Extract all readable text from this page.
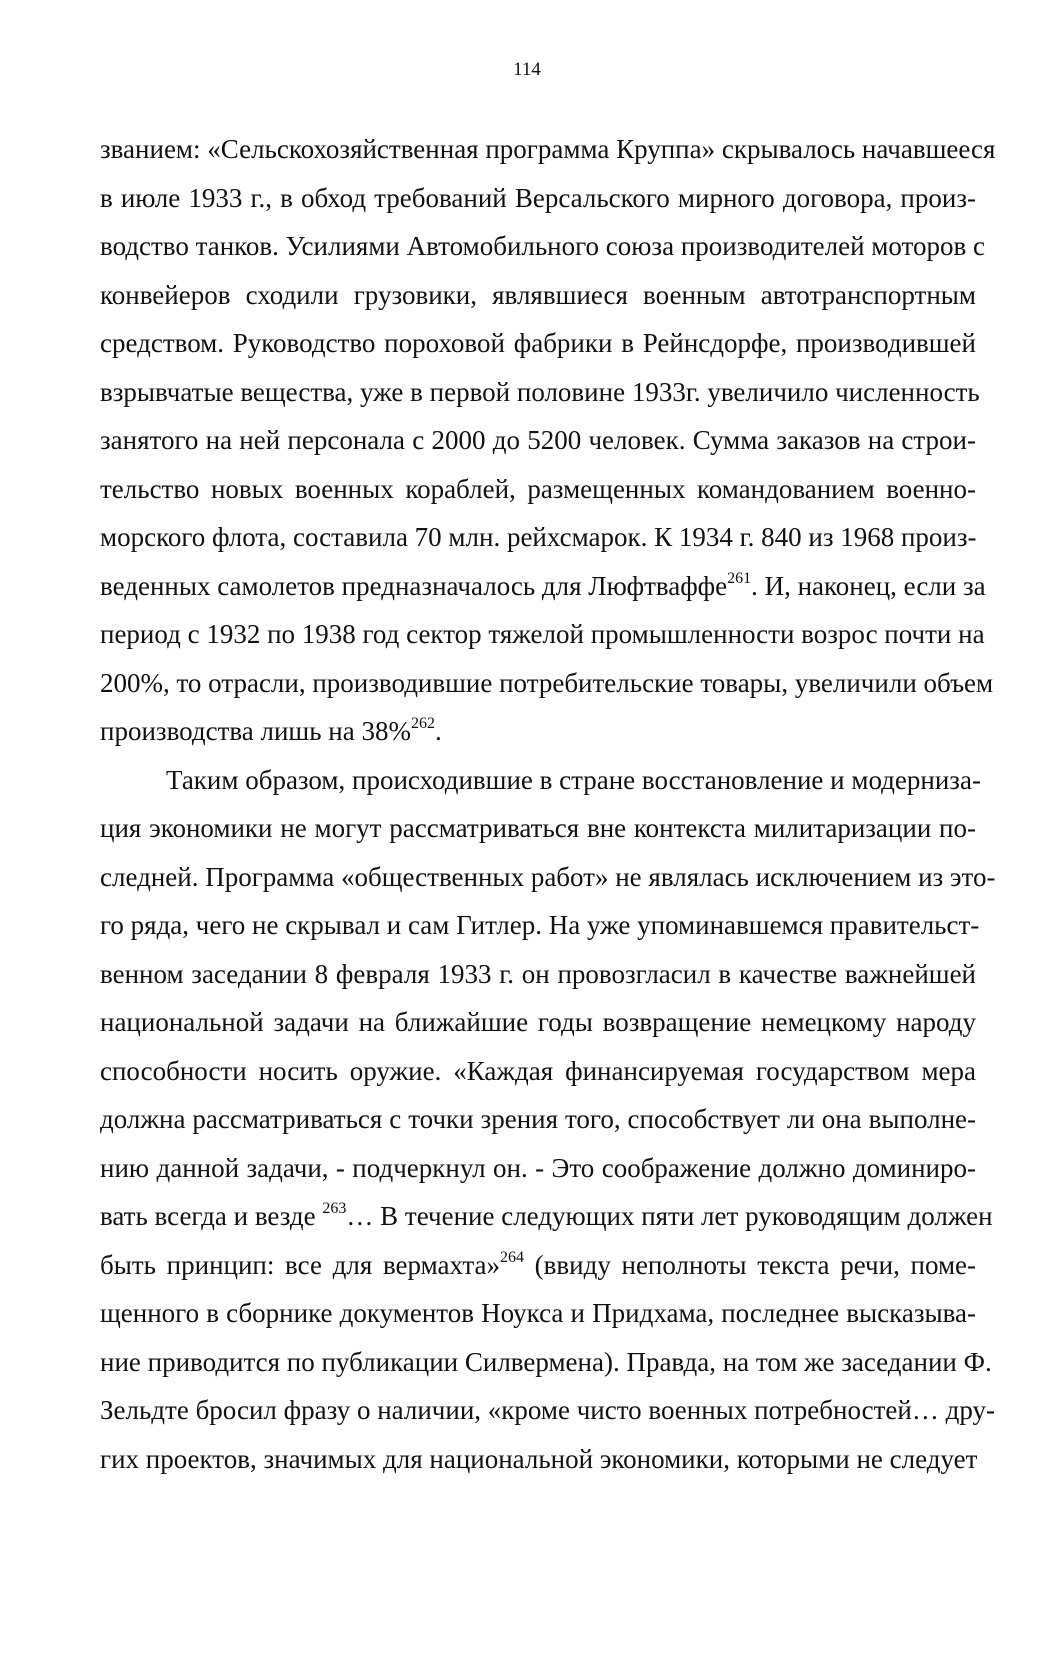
114
званием: «Сельскохозяйственная программа Круппа» скрывалось начавшееся
в июле 1933 г., в обход требований Версальского мирного договора, произ-
водство танков. Усилиями Автомобильного союза производителей моторов с
конвейеров сходили грузовики, являвшиеся военным автотранспортным
средством. Руководство пороховой фабрики в Рейнсдорфе, производившей
взрывчатые вещества, уже в первой половине 1933г. увеличило численность
занятого на ней персонала с 2000 до 5200 человек. Сумма заказов на строи-
тельство новых военных кораблей, размещенных командованием военно-
морского флота, составила 70 млн. рейхсмарок. К 1934 г. 840 из 1968 произ-
веденных самолетов предназначалось для Люфтваффе$^{261}$. И, наконец, если за
период с 1932 по 1938 год сектор тяжелой промышленности возрос почти на
200%, то отрасли, производившие потребительские товары, увеличили объем
производства лишь на 38%$^{262}$.
Таким образом, происходившие в стране восстановление и модерниза-
ция экономики не могут рассматриваться вне контекста милитаризации по-
следней. Программа «общественных работ» не являлась исключением из это-
го ряда, чего не скрывал и сам Гитлер. На уже упоминавшемся правительст-
венном заседании 8 февраля 1933 г. он провозгласил в качестве важнейшей
национальной задачи на ближайшие годы возвращение немецкому народу
способности носить оружие. «Каждая финансируемая государством мера
должна рассматриваться с точки зрения того, способствует ли она выполне-
нию данной задачи, - подчеркнул он. - Это соображение должно доминиро-
вать всегда и везде $^{263}$… В течение следующих пяти лет руководящим должен
быть принцип: все для вермахта»$^{264}$ (ввиду неполноты текста речи, поме-
щенного в сборнике документов Ноукса и Придхама, последнее высказыва-
ние приводится по публикации Силвермена). Правда, на том же заседании Ф.
Зельдте бросил фразу о наличии, «кроме чисто военных потребностей… дру-
гих проектов, значимых для национальной экономики, которыми не следует
